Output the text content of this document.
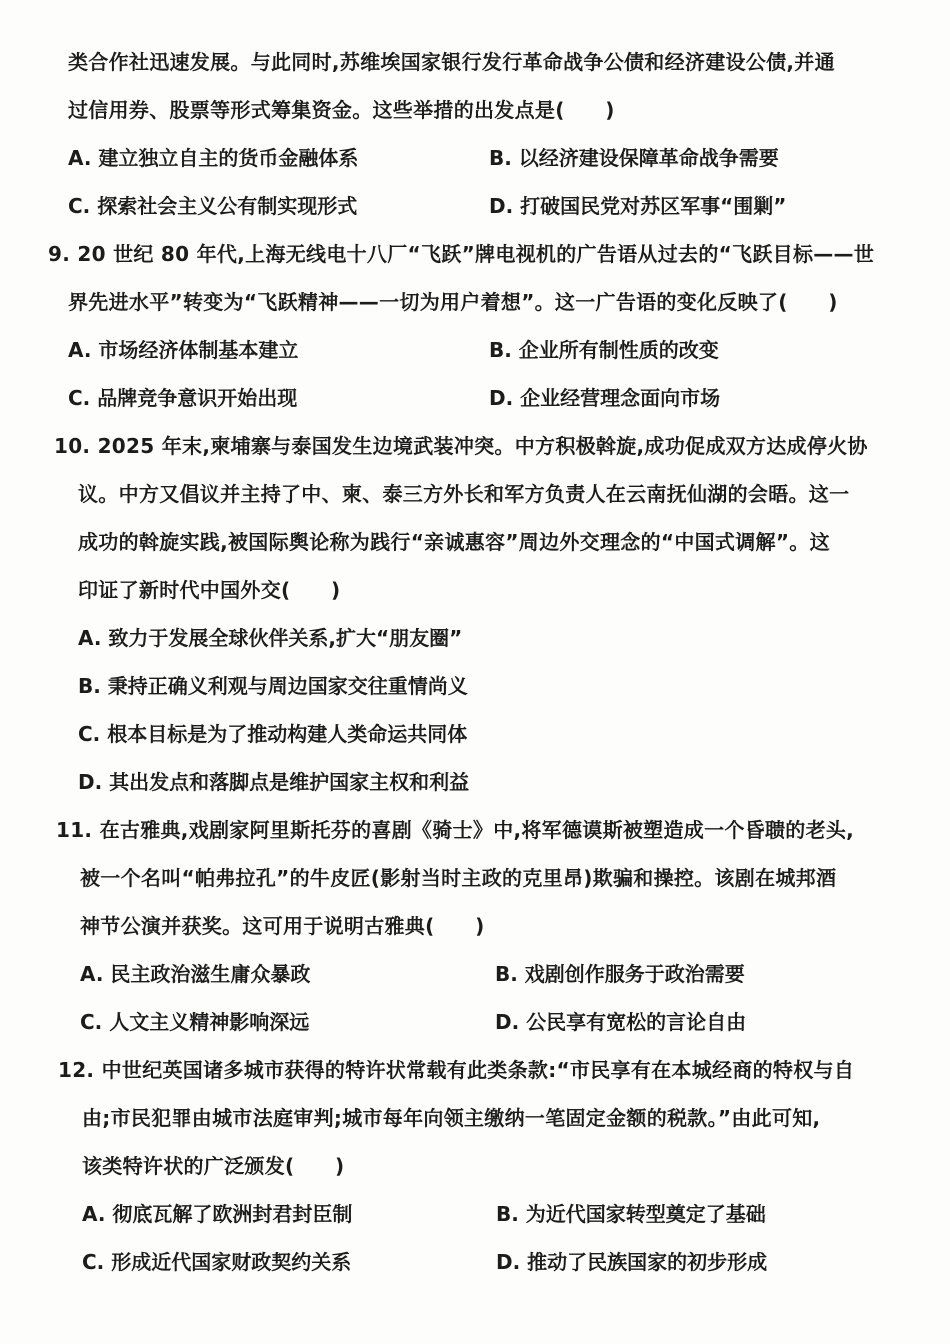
类合作社迅速发展。与此同时,苏维埃国家银行发行革命战争公债和经济建设公债,并通
过信用券、股票等形式筹集资金。这些举措的出发点是(　　)
A. 建立独立自主的货币金融体系	B. 以经济建设保障革命战争需要
C. 探索社会主义公有制实现形式	D. 打破国民党对苏区军事“围剿”
9. 20 世纪 80 年代,上海无线电十八厂“飞跃”牌电视机的广告语从过去的“飞跃目标——世
界先进水平”转变为“飞跃精神——一切为用户着想”。这一广告语的变化反映了(　　)
A. 市场经济体制基本建立	B. 企业所有制性质的改变
C. 品牌竞争意识开始出现	D. 企业经营理念面向市场
10. 2025 年末,柬埔寨与泰国发生边境武装冲突。中方积极斡旋,成功促成双方达成停火协
议。中方又倡议并主持了中、柬、泰三方外长和军方负责人在云南抚仙湖的会晤。这一
成功的斡旋实践,被国际舆论称为践行“亲诚惠容”周边外交理念的“中国式调解”。这
印证了新时代中国外交(　　)
A. 致力于发展全球伙伴关系,扩大“朋友圈”
B. 秉持正确义利观与周边国家交往重情尚义
C. 根本目标是为了推动构建人类命运共同体
D. 其出发点和落脚点是维护国家主权和利益
11. 在古雅典,戏剧家阿里斯托芬的喜剧《骑士》中,将军德谟斯被塑造成一个昏聩的老头,
被一个名叫“帕弗拉孔”的牛皮匠(影射当时主政的克里昂)欺骗和操控。该剧在城邦酒
神节公演并获奖。这可用于说明古雅典(　　)
A. 民主政治滋生庸众暴政	B. 戏剧创作服务于政治需要
C. 人文主义精神影响深远	D. 公民享有宽松的言论自由
12. 中世纪英国诸多城市获得的特许状常载有此类条款:“市民享有在本城经商的特权与自
由;市民犯罪由城市法庭审判;城市每年向领主缴纳一笔固定金额的税款。”由此可知,
该类特许状的广泛颁发(　　)
A. 彻底瓦解了欧洲封君封臣制	B. 为近代国家转型奠定了基础
C. 形成近代国家财政契约关系	D. 推动了民族国家的初步形成
